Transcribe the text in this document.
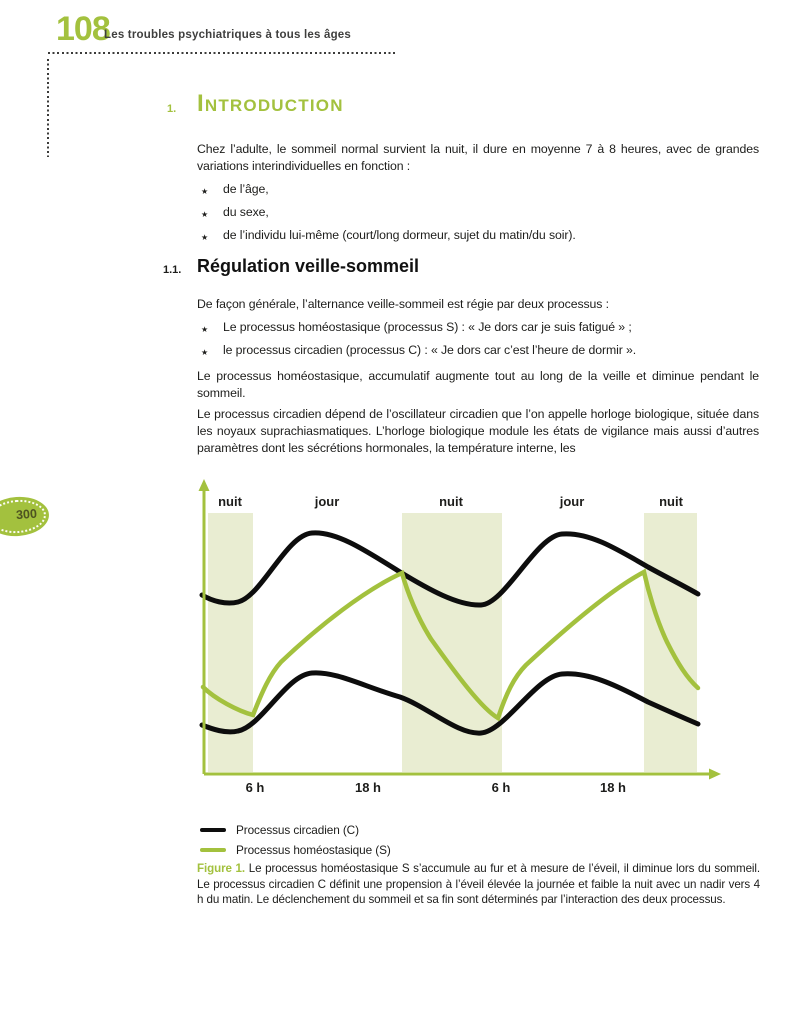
108
Les troubles psychiatriques à tous les âges
300
1. Introduction
Chez l’adulte, le sommeil normal survient la nuit, il dure en moyenne 7 à 8 heures, avec de grandes variations interindividuelles en fonction :
★ de l’âge,
★ du sexe,
★ de l’individu lui-même (court/long dormeur, sujet du matin/du soir).
1.1. Régulation veille-sommeil
De façon générale, l’alternance veille-sommeil est régie par deux processus :
★ Le processus homéostasique (processus S) : « Je dors car je suis fatigué » ;
★ le processus circadien (processus C) : « Je dors car c’est l’heure de dormir ».
Le processus homéostasique, accumulatif augmente tout au long de la veille et diminue pendant le sommeil.
Le processus circadien dépend de l’oscillateur circadien que l’on appelle horloge biologique, située dans les noyaux suprachiasmatiques. L’horloge biologique module les états de vigilance mais aussi d’autres paramètres dont les sécrétions hormonales, la température interne, les
nuit	jour	nuit	jour	nuit
6 h	18 h	6 h	18 h
Processus circadien (C)
Processus homéostasique (S)
Figure 1. Le processus homéostasique S s’accumule au fur et à mesure de l’éveil, il diminue lors du sommeil. Le processus circadien C définit une propension à l’éveil élevée la journée et faible la nuit avec un nadir vers 4 h du matin. Le déclenchement du sommeil et sa fin sont déterminés par l’interaction des deux processus.
